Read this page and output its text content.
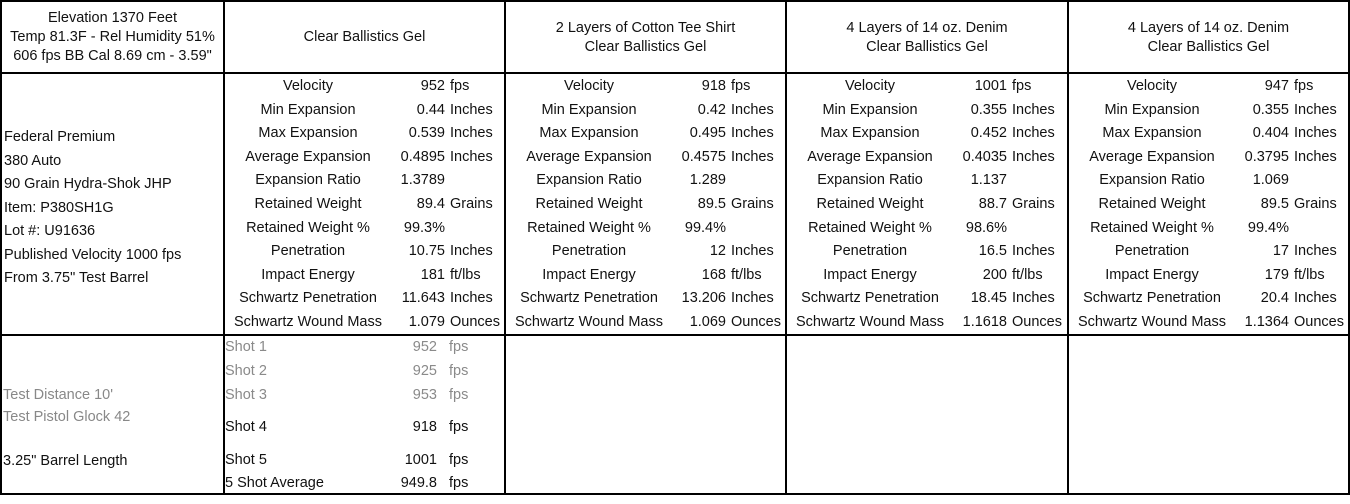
Elevation 1370 Feet
Temp 81.3F - Rel Humidity 51%
606 fps BB Cal 8.69 cm - 3.59"
Clear Ballistics Gel
2 Layers of Cotton Tee Shirt
Clear Ballistics Gel
4 Layers of 14 oz. Denim
Clear Ballistics Gel
4 Layers of 14 oz. Denim
Clear Ballistics Gel
Federal Premium
380 Auto
90 Grain Hydra-Shok JHP
Item: P380SH1G
Lot #: U91636
Published Velocity 1000 fps
From 3.75" Test Barrel
Velocity	952 fps
Min Expansion	0.44 Inches
Max Expansion	0.539 Inches
Average Expansion	0.4895 Inches
Expansion Ratio	1.3789
Retained Weight	89.4 Grains
Retained Weight %	99.3%
Penetration	10.75 Inches
Impact Energy	181 ft/lbs
Schwartz Penetration	11.643 Inches
Schwartz Wound Mass	1.079 Ounces
Velocity	918 fps
Min Expansion	0.42 Inches
Max Expansion	0.495 Inches
Average Expansion	0.4575 Inches
Expansion Ratio	1.289
Retained Weight	89.5 Grains
Retained Weight %	99.4%
Penetration	12 Inches
Impact Energy	168 ft/lbs
Schwartz Penetration	13.206 Inches
Schwartz Wound Mass	1.069 Ounces
Velocity	1001 fps
Min Expansion	0.355 Inches
Max Expansion	0.452 Inches
Average Expansion	0.4035 Inches
Expansion Ratio	1.137
Retained Weight	88.7 Grains
Retained Weight %	98.6%
Penetration	16.5 Inches
Impact Energy	200 ft/lbs
Schwartz Penetration	18.45 Inches
Schwartz Wound Mass	1.1618 Ounces
Velocity	947 fps
Min Expansion	0.355 Inches
Max Expansion	0.404 Inches
Average Expansion	0.3795 Inches
Expansion Ratio	1.069
Retained Weight	89.5 Grains
Retained Weight %	99.4%
Penetration	17 Inches
Impact Energy	179 ft/lbs
Schwartz Penetration	20.4 Inches
Schwartz Wound Mass	1.1364 Ounces
Test Distance 10'
Test Pistol Glock 42
3.25" Barrel Length
Shot 1	952 fps
Shot 2	925 fps
Shot 3	953 fps
Shot 4	918 fps
Shot 5	1001 fps
5 Shot Average	949.8 fps
